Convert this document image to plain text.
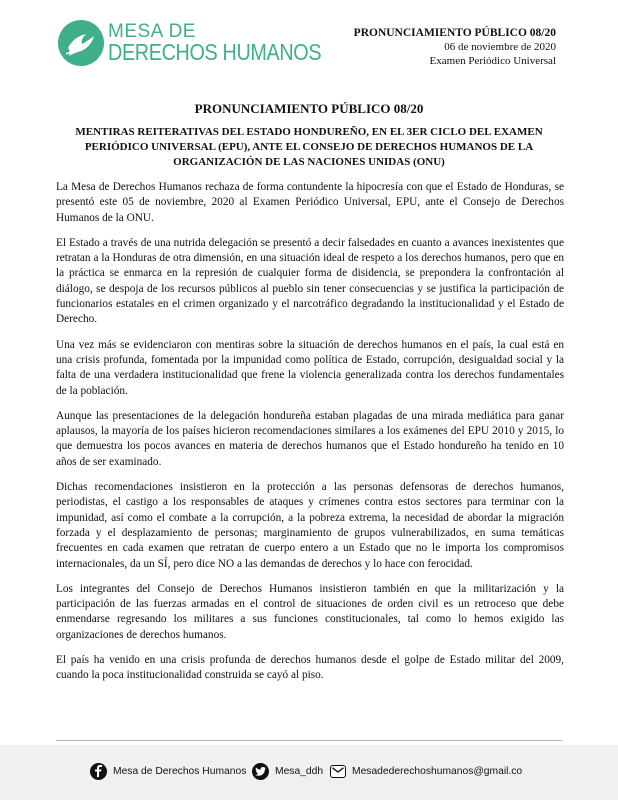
MESA DE
DERECHOS HUMANOS
PRONUNCIAMIENTO PÚBLICO 08/20
06 de noviembre de 2020
Examen Periódico Universal
PRONUNCIAMIENTO PÚBLICO 08/20
MENTIRAS REITERATIVAS DEL ESTADO HONDUREÑO, EN EL 3ER CICLO DEL EXAMEN PERIÓDICO UNIVERSAL (EPU), ANTE EL CONSEJO DE DERECHOS HUMANOS DE LA ORGANIZACIÓN DE LAS NACIONES UNIDAS (ONU)

La Mesa de Derechos Humanos rechaza de forma contundente la hipocresía con que el Estado de Honduras, se presentó este 05 de noviembre, 2020 al Examen Periódico Universal, EPU, ante el Consejo de Derechos Humanos de la ONU.

El Estado a través de una nutrida delegación se presentó a decir falsedades en cuanto a avances inexistentes que retratan a la Honduras de otra dimensión, en una situación ideal de respeto a los derechos humanos, pero que en la práctica se enmarca en la represión de cualquier forma de disidencia, se prepondera la confrontación al diálogo, se despoja de los recursos públicos al pueblo sin tener consecuencias y se justifica la participación de funcionarios estatales en el crimen organizado y el narcotráfico degradando la institucionalidad y el Estado de Derecho.

Una vez más se evidenciaron con mentiras sobre la situación de derechos humanos en el país, la cual está en una crisis profunda, fomentada por la impunidad como política de Estado, corrupción, desigualdad social y la falta de una verdadera institucionalidad que frene la violencia generalizada contra los derechos fundamentales de la población.

Aunque las presentaciones de la delegación hondureña estaban plagadas de una mirada mediática para ganar aplausos, la mayoría de los países hicieron recomendaciones similares a los exámenes del EPU 2010 y 2015, lo que demuestra los pocos avances en materia de derechos humanos que el Estado hondureño ha tenido en 10 años de ser examinado.

Dichas recomendaciones insistieron en la protección a las personas defensoras de derechos humanos, periodistas, el castigo a los responsables de ataques y crímenes contra estos sectores para terminar con la impunidad, así como el combate a la corrupción, a la pobreza extrema, la necesidad de abordar la migración forzada y el desplazamiento de personas; marginamiento de grupos vulnerabilizados, en suma temáticas frecuentes en cada examen que retratan de cuerpo entero a un Estado que no le importa los compromisos internacionales, da un SÍ, pero dice NO a las demandas de derechos y lo hace con ferocidad.

Los integrantes del Consejo de Derechos Humanos insistieron también en que la militarización y la participación de las fuerzas armadas en el control de situaciones de orden civil es un retroceso que debe enmendarse regresando los militares a sus funciones constitucionales, tal como lo hemos exigido las organizaciones de derechos humanos.

El país ha venido en una crisis profunda de derechos humanos desde el golpe de Estado militar del 2009, cuando la poca institucionalidad construida se cayó al piso.

Mesa de Derechos Humanos	Mesa_ddh	Mesadederechoshumanos@gmail.co
